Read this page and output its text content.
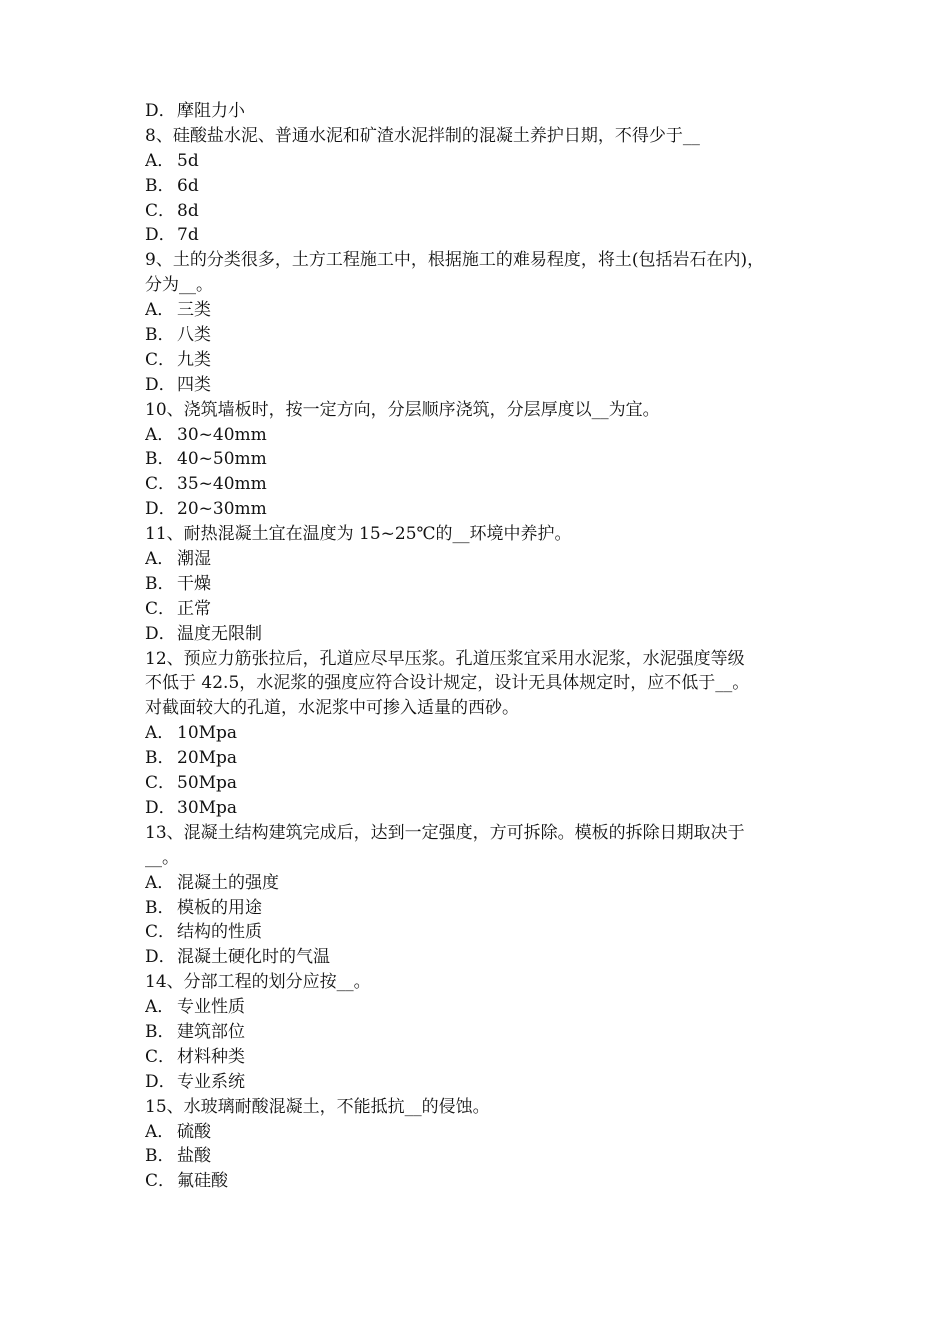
D．摩阻力小
8、硅酸盐水泥、普通水泥和矿渣水泥拌制的混凝土养护日期，不得少于__
A． 5d
B． 6d
C． 8d
D．7d
9、土的分类很多，土方工程施工中，根据施工的难易程度，将土(包括岩石在内)，
分为__。
A． 三类
B． 八类
C． 九类
D．四类
10、浇筑墙板时，按一定方向，分层顺序浇筑，分层厚度以__为宜。
A． 30~40mm
B． 40~50mm
C． 35~40mm
D．20~30mm
11、耐热混凝土宜在温度为 15~25℃的__环境中养护。
A． 潮湿
B． 干燥
C． 正常
D．温度无限制
12、预应力筋张拉后，孔道应尽早压浆。孔道压浆宜采用水泥浆，水泥强度等级
不低于 42.5，水泥浆的强度应符合设计规定，设计无具体规定时，应不低于__。
对截面较大的孔道，水泥浆中可掺入适量的西砂。
A． 10Mpa
B． 20Mpa
C． 50Mpa
D．30Mpa
13、混凝土结构建筑完成后，达到一定强度，方可拆除。模板的拆除日期取决于
__。
A． 混凝土的强度
B． 模板的用途
C． 结构的性质
D．混凝土硬化时的气温
14、分部工程的划分应按__。
A． 专业性质
B． 建筑部位
C． 材料种类
D．专业系统
15、水玻璃耐酸混凝土，不能抵抗__的侵蚀。
A． 硫酸
B． 盐酸
C． 氟硅酸
